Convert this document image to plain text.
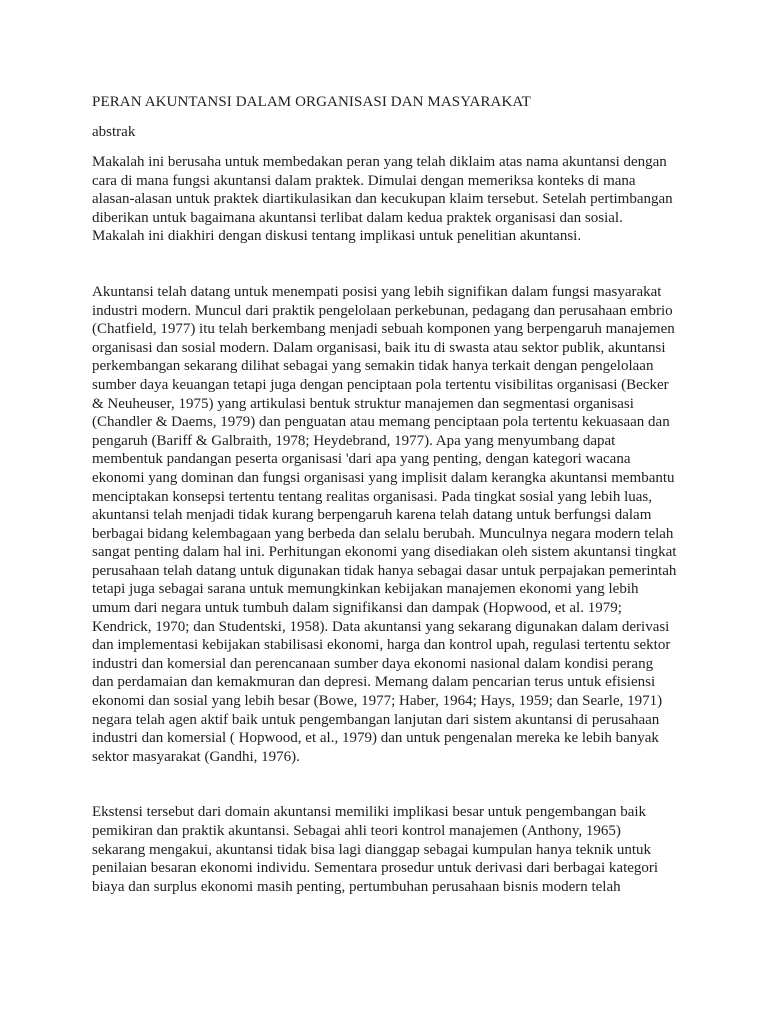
PERAN AKUNTANSI DALAM ORGANISASI DAN MASYARAKAT
abstrak

Makalah ini berusaha untuk membedakan peran yang telah diklaim atas nama akuntansi dengan
cara di mana fungsi akuntansi dalam praktek. Dimulai dengan memeriksa konteks di mana
alasan-alasan untuk praktek diartikulasikan dan kecukupan klaim tersebut. Setelah pertimbangan
diberikan untuk bagaimana akuntansi terlibat dalam kedua praktek organisasi dan sosial.
Makalah ini diakhiri dengan diskusi tentang implikasi untuk penelitian akuntansi.

Akuntansi telah datang untuk menempati posisi yang lebih signifikan dalam fungsi masyarakat
industri modern. Muncul dari praktik pengelolaan perkebunan, pedagang dan perusahaan embrio
(Chatfield, 1977) itu telah berkembang menjadi sebuah komponen yang berpengaruh manajemen
organisasi dan sosial modern. Dalam organisasi, baik itu di swasta atau sektor publik, akuntansi
perkembangan sekarang dilihat sebagai yang semakin tidak hanya terkait dengan pengelolaan
sumber daya keuangan tetapi juga dengan penciptaan pola tertentu visibilitas organisasi (Becker
& Neuheuser, 1975) yang artikulasi bentuk struktur manajemen dan segmentasi organisasi
(Chandler & Daems, 1979) dan penguatan atau memang penciptaan pola tertentu kekuasaan dan
pengaruh (Bariff & Galbraith, 1978; Heydebrand, 1977). Apa yang menyumbang dapat
membentuk pandangan peserta organisasi 'dari apa yang penting, dengan kategori wacana
ekonomi yang dominan dan fungsi organisasi yang implisit dalam kerangka akuntansi membantu
menciptakan konsepsi tertentu tentang realitas organisasi. Pada tingkat sosial yang lebih luas,
akuntansi telah menjadi tidak kurang berpengaruh karena telah datang untuk berfungsi dalam
berbagai bidang kelembagaan yang berbeda dan selalu berubah. Munculnya negara modern telah
sangat penting dalam hal ini. Perhitungan ekonomi yang disediakan oleh sistem akuntansi tingkat
perusahaan telah datang untuk digunakan tidak hanya sebagai dasar untuk perpajakan pemerintah
tetapi juga sebagai sarana untuk memungkinkan kebijakan manajemen ekonomi yang lebih
umum dari negara untuk tumbuh dalam signifikansi dan dampak (Hopwood, et al. 1979;
Kendrick, 1970; dan Studentski, 1958). Data akuntansi yang sekarang digunakan dalam derivasi
dan implementasi kebijakan stabilisasi ekonomi, harga dan kontrol upah, regulasi tertentu sektor
industri dan komersial dan perencanaan sumber daya ekonomi nasional dalam kondisi perang
dan perdamaian dan kemakmuran dan depresi. Memang dalam pencarian terus untuk efisiensi
ekonomi dan sosial yang lebih besar (Bowe, 1977; Haber, 1964; Hays, 1959; dan Searle, 1971)
negara telah agen aktif baik untuk pengembangan lanjutan dari sistem akuntansi di perusahaan
industri dan komersial ( Hopwood, et al., 1979) dan untuk pengenalan mereka ke lebih banyak
sektor masyarakat (Gandhi, 1976).

Ekstensi tersebut dari domain akuntansi memiliki implikasi besar untuk pengembangan baik
pemikiran dan praktik akuntansi. Sebagai ahli teori kontrol manajemen (Anthony, 1965)
sekarang mengakui, akuntansi tidak bisa lagi dianggap sebagai kumpulan hanya teknik untuk
penilaian besaran ekonomi individu. Sementara prosedur untuk derivasi dari berbagai kategori
biaya dan surplus ekonomi masih penting, pertumbuhan perusahaan bisnis modern telah
